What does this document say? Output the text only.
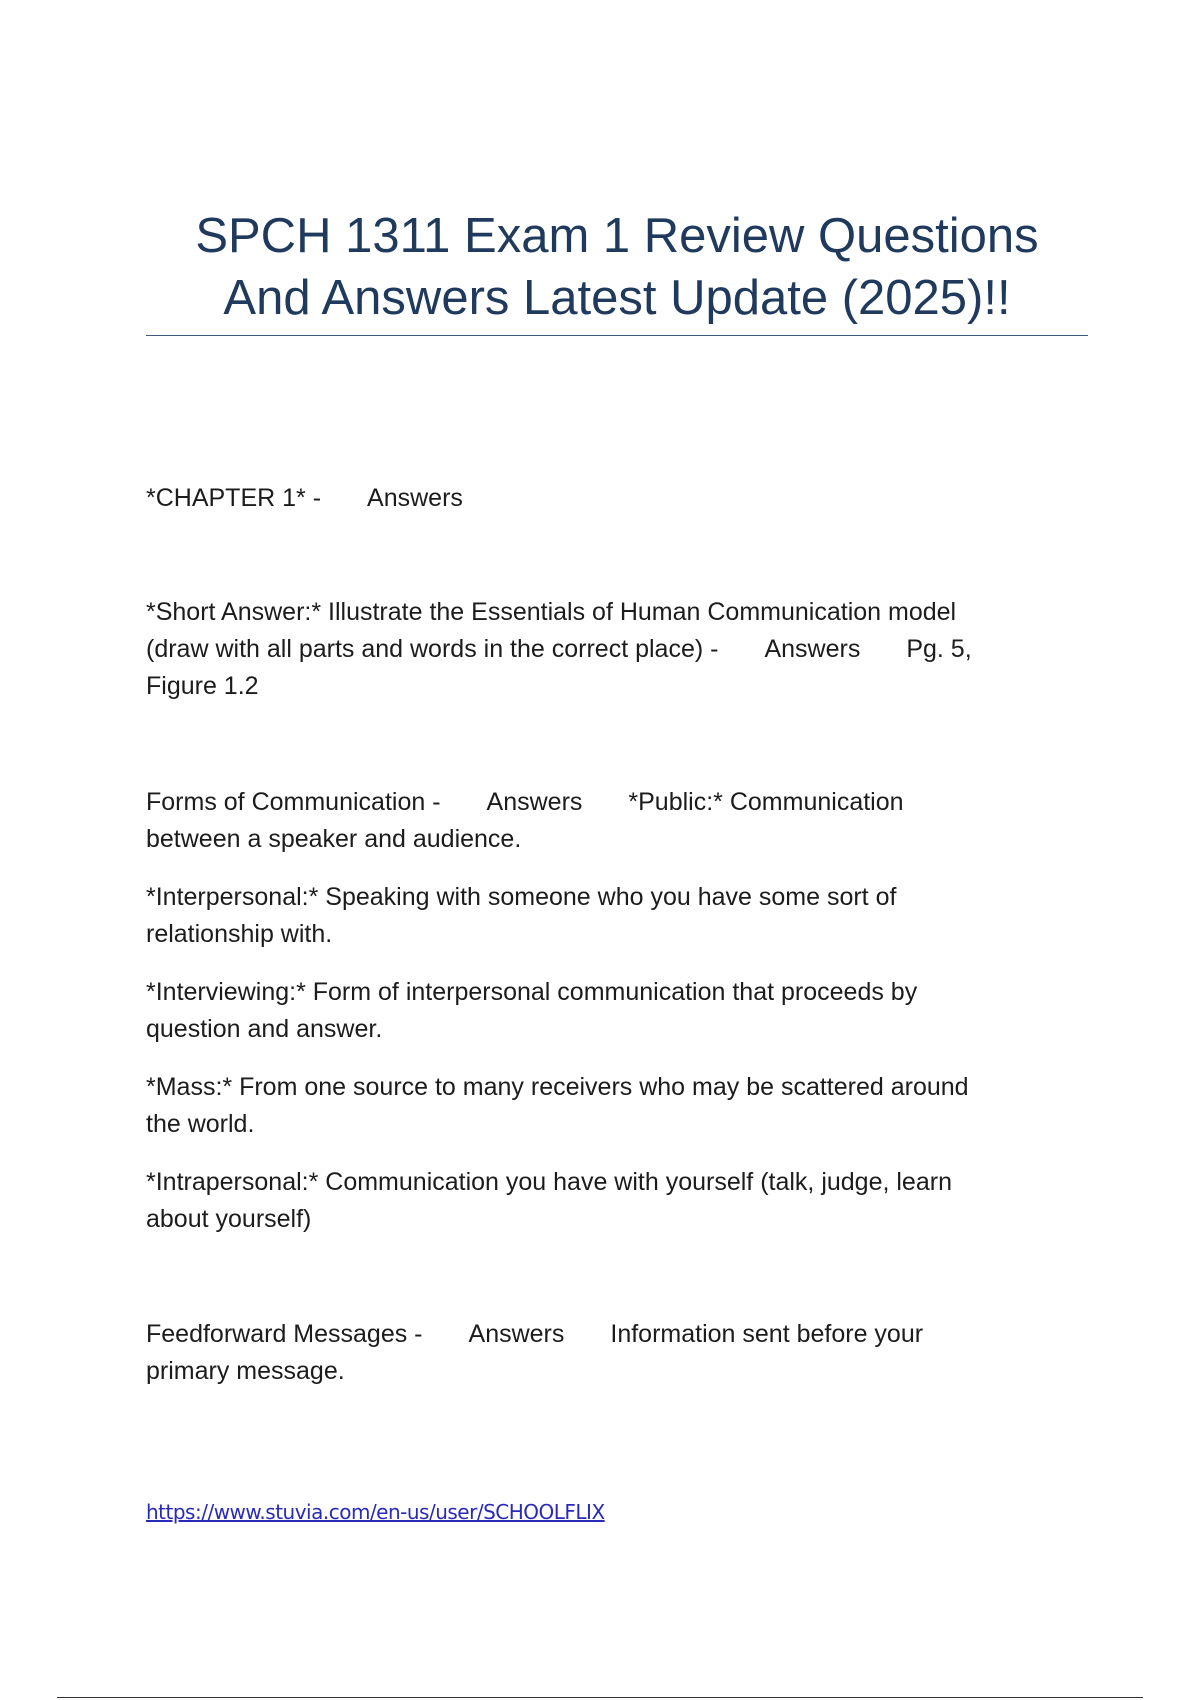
SPCH 1311 Exam 1 Review Questions
And Answers Latest Update (2025)!!
*CHAPTER 1* - Answers
*Short Answer:* Illustrate the Essentials of Human Communication model
(draw with all parts and words in the correct place) - Answers Pg. 5,
Figure 1.2
Forms of Communication - Answers *Public:* Communication
between a speaker and audience.
*Interpersonal:* Speaking with someone who you have some sort of
relationship with.
*Interviewing:* Form of interpersonal communication that proceeds by
question and answer.
*Mass:* From one source to many receivers who may be scattered around
the world.
*Intrapersonal:* Communication you have with yourself (talk, judge, learn
about yourself)
Feedforward Messages - Answers Information sent before your
primary message.
https://www.stuvia.com/en-us/user/SCHOOLFLIX
